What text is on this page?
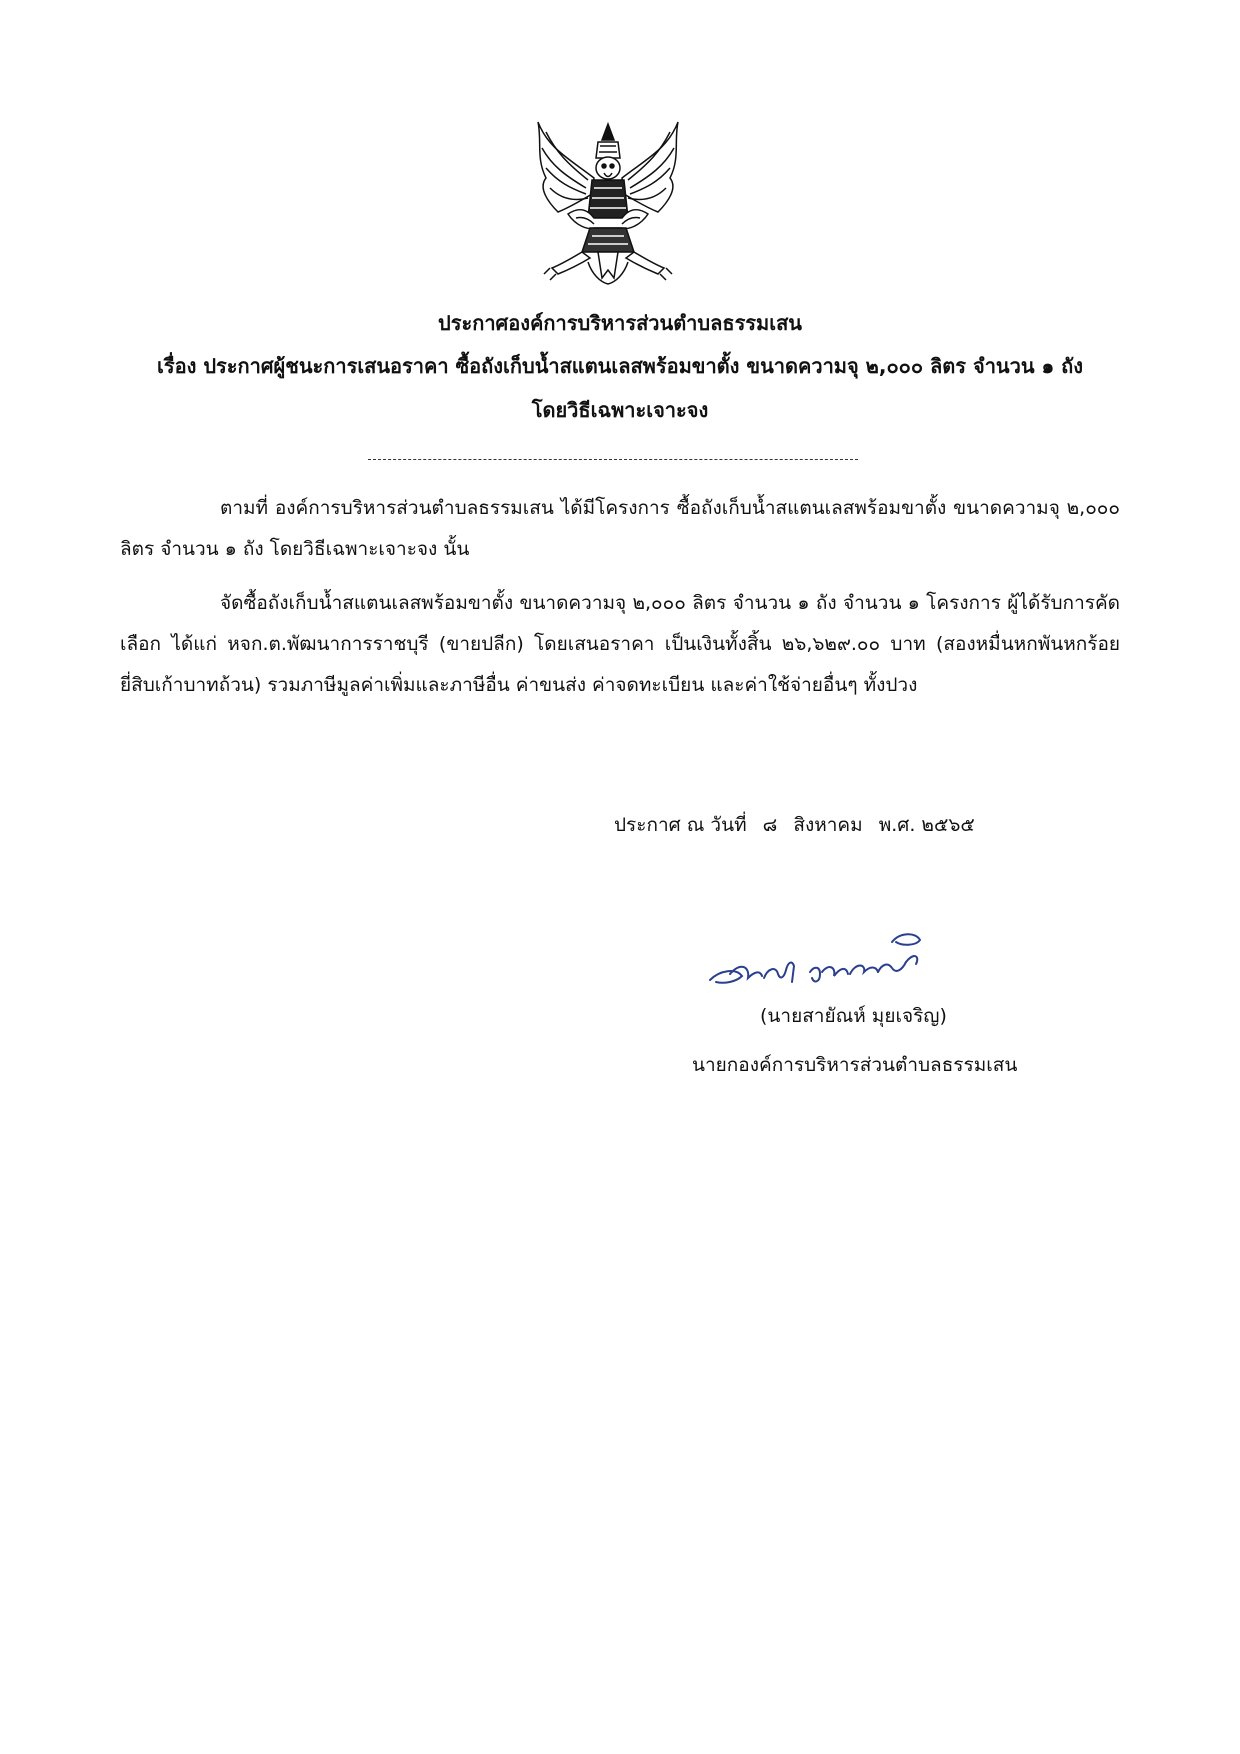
ประกาศองค์การบริหารส่วนตำบลธรรมเสน
เรื่อง ประกาศผู้ชนะการเสนอราคา ซื้อถังเก็บน้ำสแตนเลสพร้อมขาตั้ง ขนาดความจุ ๒,๐๐๐ ลิตร จำนวน ๑ ถัง
โดยวิธีเฉพาะเจาะจง
ตามที่ องค์การบริหารส่วนตำบลธรรมเสน ได้มีโครงการ ซื้อถังเก็บน้ำสแตนเลสพร้อมขาตั้ง ขนาดความจุ ๒,๐๐๐ ลิตร จำนวน ๑ ถัง โดยวิธีเฉพาะเจาะจง นั้น
จัดซื้อถังเก็บน้ำสแตนเลสพร้อมขาตั้ง ขนาดความจุ ๒,๐๐๐ ลิตร จำนวน ๑ ถัง จำนวน ๑ โครงการ ผู้ได้รับการคัดเลือก ได้แก่ หจก.ต.พัฒนาการราชบุรี (ขายปลีก) โดยเสนอราคา เป็นเงินทั้งสิ้น ๒๖,๖๒๙.๐๐ บาท (สองหมื่นหกพันหกร้อยยี่สิบเก้าบาทถ้วน) รวมภาษีมูลค่าเพิ่มและภาษีอื่น ค่าขนส่ง ค่าจดทะเบียน และค่าใช้จ่ายอื่นๆ ทั้งปวง
ประกาศ ณ วันที่ ๘ สิงหาคม พ.ศ. ๒๕๖๕
(นายสายัณห์ มุยเจริญ)
นายกองค์การบริหารส่วนตำบลธรรมเสน
